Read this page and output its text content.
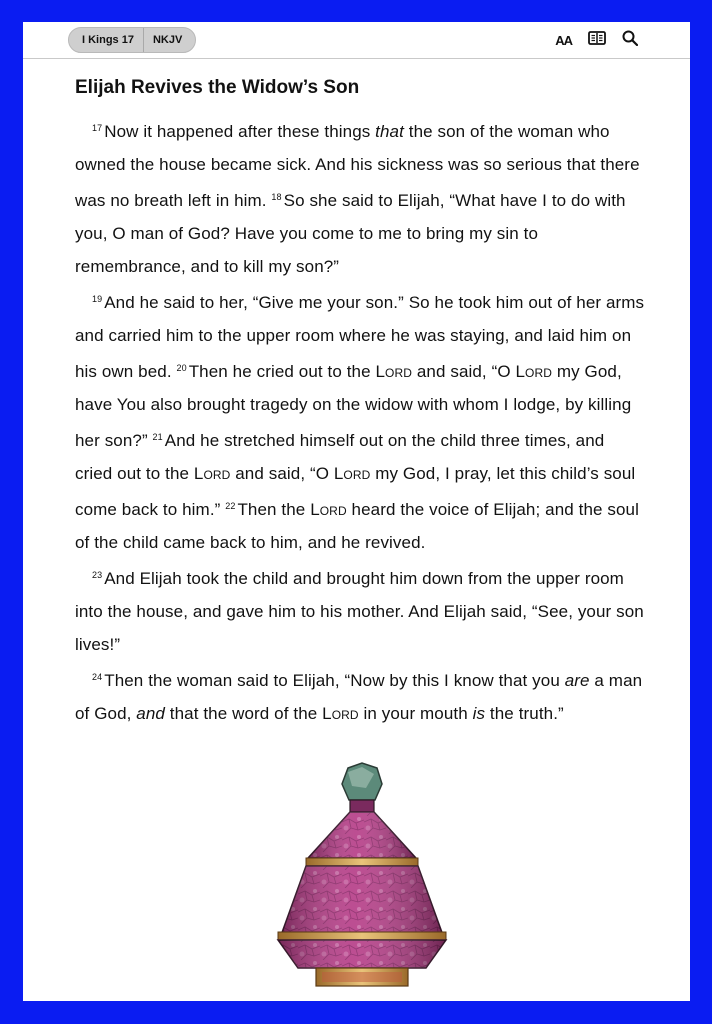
I Kings 17	NKJV	AA
Elijah Revives the Widow’s Son

$^{17}$ Now it happened after these things that the son of the woman who owned the house became sick. And his sickness was so serious that there was no breath left in him. $^{18}$ So she said to Elijah, “What have I to do with you, O man of God? Have you come to me to bring my sin to remembrance, and to kill my son?”

$^{19}$ And he said to her, “Give me your son.” So he took him out of her arms and carried him to the upper room where he was staying, and laid him on his own bed. $^{20}$ Then he cried out to the Lord and said, “O Lord my God, have You also brought tragedy on the widow with whom I lodge, by killing her son?” $^{21}$ And he stretched himself out on the child three times, and cried out to the Lord and said, “O Lord my God, I pray, let this child’s soul come back to him.” $^{22}$ Then the Lord heard the voice of Elijah; and the soul of the child came back to him, and he revived.

$^{23}$ And Elijah took the child and brought him down from the upper room into the house, and gave him to his mother. And Elijah said, “See, your son lives!”

$^{24}$ Then the woman said to Elijah, “Now by this I know that you are a man of God, and that the word of the Lord in your mouth is the truth.”
